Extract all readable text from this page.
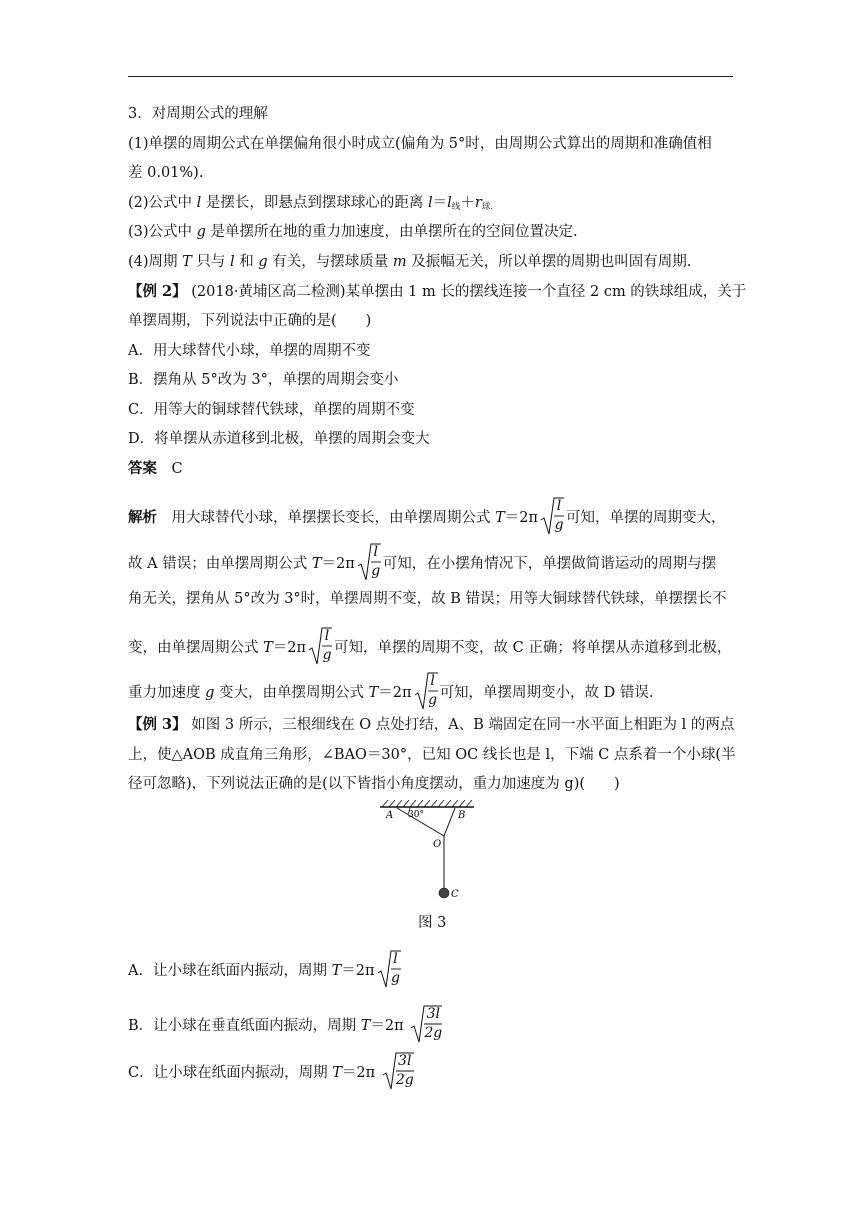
3．对周期公式的理解
(1)单摆的周期公式在单摆偏角很小时成立(偏角为 5°时，由周期公式算出的周期和准确值相
差 0.01%).
(2)公式中 l 是摆长，即悬点到摆球球心的距离 $l=l_线+r_{球.}$
(3)公式中 g 是单摆所在地的重力加速度，由单摆所在的空间位置决定.
(4)周期 T 只与 l 和 g 有关，与摆球质量 m 及振幅无关，所以单摆的周期也叫固有周期.
【例 2】 (2018·黄埔区高二检测)某单摆由 1 m 长的摆线连接一个直径 2 cm 的铁球组成，关于
单摆周期，下列说法中正确的是(　　)
A．用大球替代小球，单摆的周期不变
B．摆角从 5°改为 3°，单摆的周期会变小
C．用等大的铜球替代铁球，单摆的周期不变
D．将单摆从赤道移到北极，单摆的周期会变大
答案　 C
解析　用大球替代小球，单摆摆长变长，由单摆周期公式 T＝2π
l
g 可知，单摆的周期变大，
故 A 错误；由单摆周期公式 T＝2π
l
g 可知，在小摆角情况下，单摆做简谐运动的周期与摆
角无关，摆角从 5°改为 3°时，单摆周期不变，故 B 错误；用等大铜球替代铁球，单摆摆长不
变，由单摆周期公式 T＝2π
l
g 可知，单摆的周期不变，故 C 正确；将单摆从赤道移到北极，
重力加速度 g 变大，由单摆周期公式 T＝2π
l
g 可知，单摆周期变小，故 D 错误.
【例 3】 如图 3 所示，三根细线在 O 点处打结，A、B 端固定在同一水平面上相距为 l 的两点
上，使△AOB 成直角三角形，∠BAO＝30°，已知 OC 线长也是 l，下端 C 点系着一个小球(半
径可忽略)，下列说法正确的是(以下皆指小角度摆动，重力加速度为 g)(　　)
A 30°	B
O
C
图 3
A．让小球在纸面内振动，周期 T＝2π
l
g
B．让小球在垂直纸面内振动，周期 T＝2π
3l
2g
C．让小球在纸面内振动，周期 T＝2π
3l
2g
